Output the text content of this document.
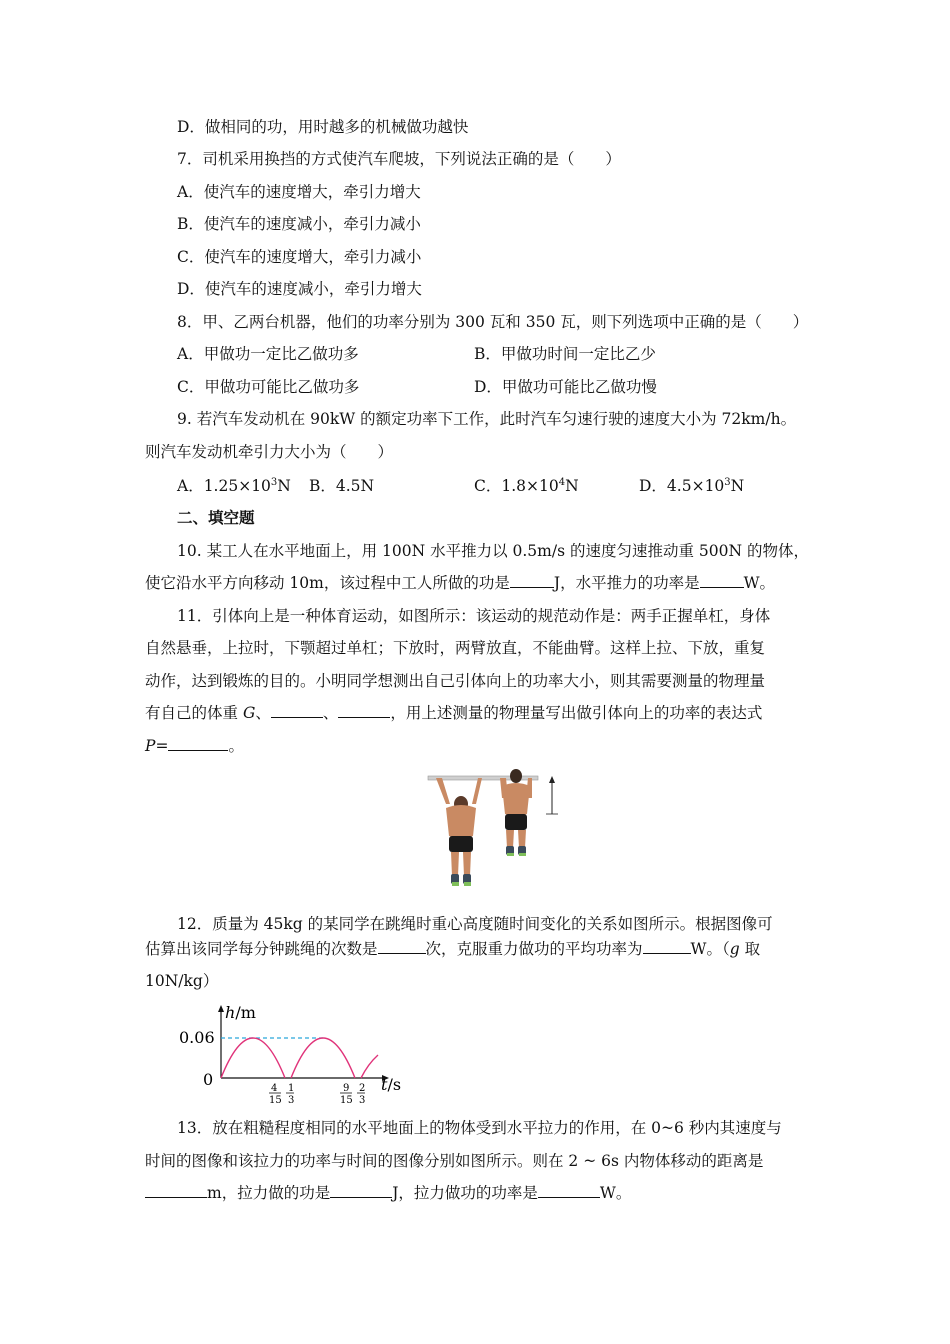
D．做相同的功，用时越多的机械做功越快
7．司机采用换挡的方式使汽车爬坡，下列说法正确的是（　　）
A．使汽车的速度增大，牵引力增大
B．使汽车的速度减小，牵引力减小
C．使汽车的速度增大，牵引力减小
D．使汽车的速度减小，牵引力增大
8．甲、乙两台机器，他们的功率分别为 300 瓦和 350 瓦，则下列选项中正确的是（　　）
A．甲做功一定比乙做功多	B．甲做功时间一定比乙少
C．甲做功可能比乙做功多	D．甲做功可能比乙做功慢
9. 若汽车发动机在 90kW 的额定功率下工作，此时汽车匀速行驶的速度大小为 72km/h。
则汽车发动机牵引力大小为（　　）
A．$1.25\times 10^3N$ B．4.5N	C．$1.8\times 10^4N$	D．$4.5\times 10^3N$
二、填空题
10. 某工人在水平地面上，用 100N 水平推力以 0.5m/s 的速度匀速推动重 500N 的物体，
使它沿水平方向移动 10m，该过程中工人所做的功是	J，水平推力的功率是	W。
11．引体向上是一种体育运动，如图所示：该运动的规范动作是：两手正握单杠，身体
自然悬垂，上拉时，下颚超过单杠；下放时，两臂放直，不能曲臂。这样上拉、下放，重复
动作，达到锻炼的目的。小明同学想测出自己引体向上的功率大小，则其需要测量的物理量
有自己的体重 G、	、	，用上述测量的物理量写出做引体向上的功率的表达式
P=	。
12．质量为 45kg 的某同学在跳绳时重心高度随时间变化的关系如图所示。根据图像可
估算出该同学每分钟跳绳的次数是	次，克服重力做功的平均功率为	W。（g 取
10N/kg）
h/m
t/s
0.06
0	4
15
1
3
9
15
2
3
13．放在粗糙程度相同的水平地面上的物体受到水平拉力的作用，在 0~6 秒内其速度与
时间的图像和该拉力的功率与时间的图像分别如图所示。则在 2 ~ 6s 内物体移动的距离是
m，拉力做的功是	J，拉力做功的功率是	W。
